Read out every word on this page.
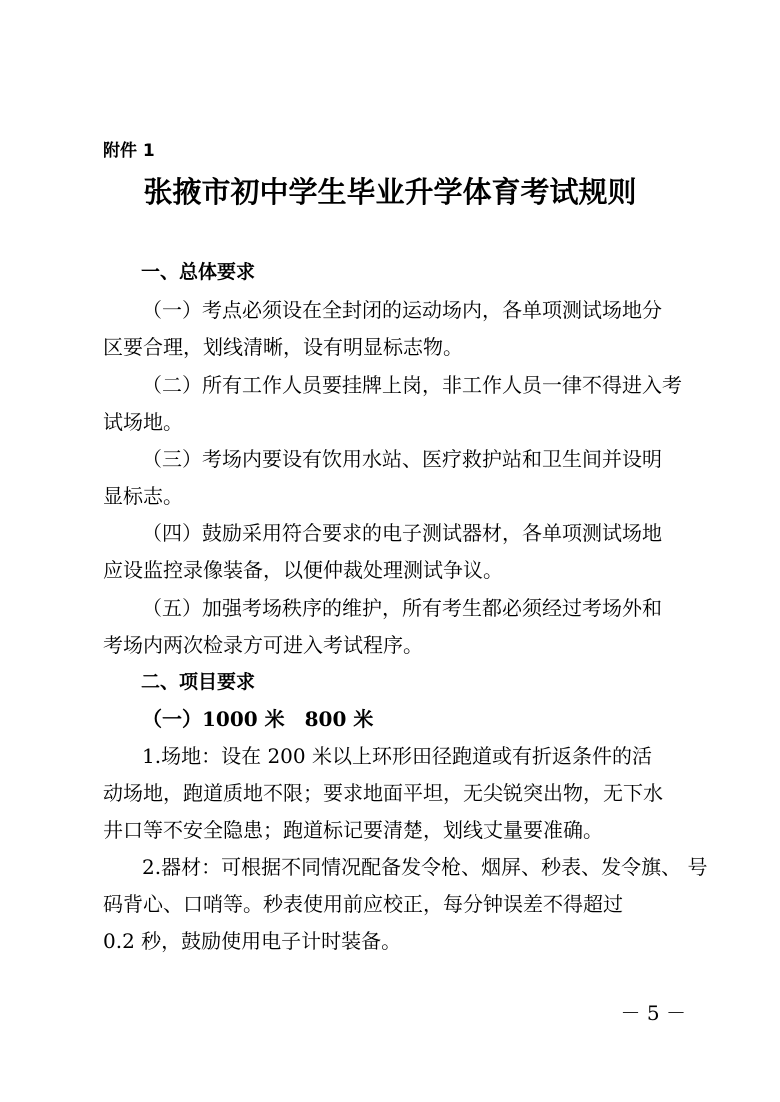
附件 1
张掖市初中学生毕业升学体育考试规则
一、总体要求
（一）考点必须设在全封闭的运动场内，各单项测试场地分
区要合理，划线清晰，设有明显标志物。
（二）所有工作人员要挂牌上岗，非工作人员一律不得进入考
试场地。
（三）考场内要设有饮用水站、医疗救护站和卫生间并设明
显标志。
（四）鼓励采用符合要求的电子测试器材，各单项测试场地
应设监控录像装备，以便仲裁处理测试争议。
（五）加强考场秩序的维护，所有考生都必须经过考场外和
考场内两次检录方可进入考试程序。
二、项目要求
（一）1000 米　800 米
1.场地：设在 200 米以上环形田径跑道或有折返条件的活
动场地，跑道质地不限；要求地面平坦，无尖锐突出物，无下水
井口等不安全隐患；跑道标记要清楚，划线丈量要准确。
2.器材：可根据不同情况配备发令枪、烟屏、秒表、发令旗、 号
码背心、口哨等。秒表使用前应校正，每分钟误差不得超过
0.2 秒，鼓励使用电子计时装备。
－ 5 －
